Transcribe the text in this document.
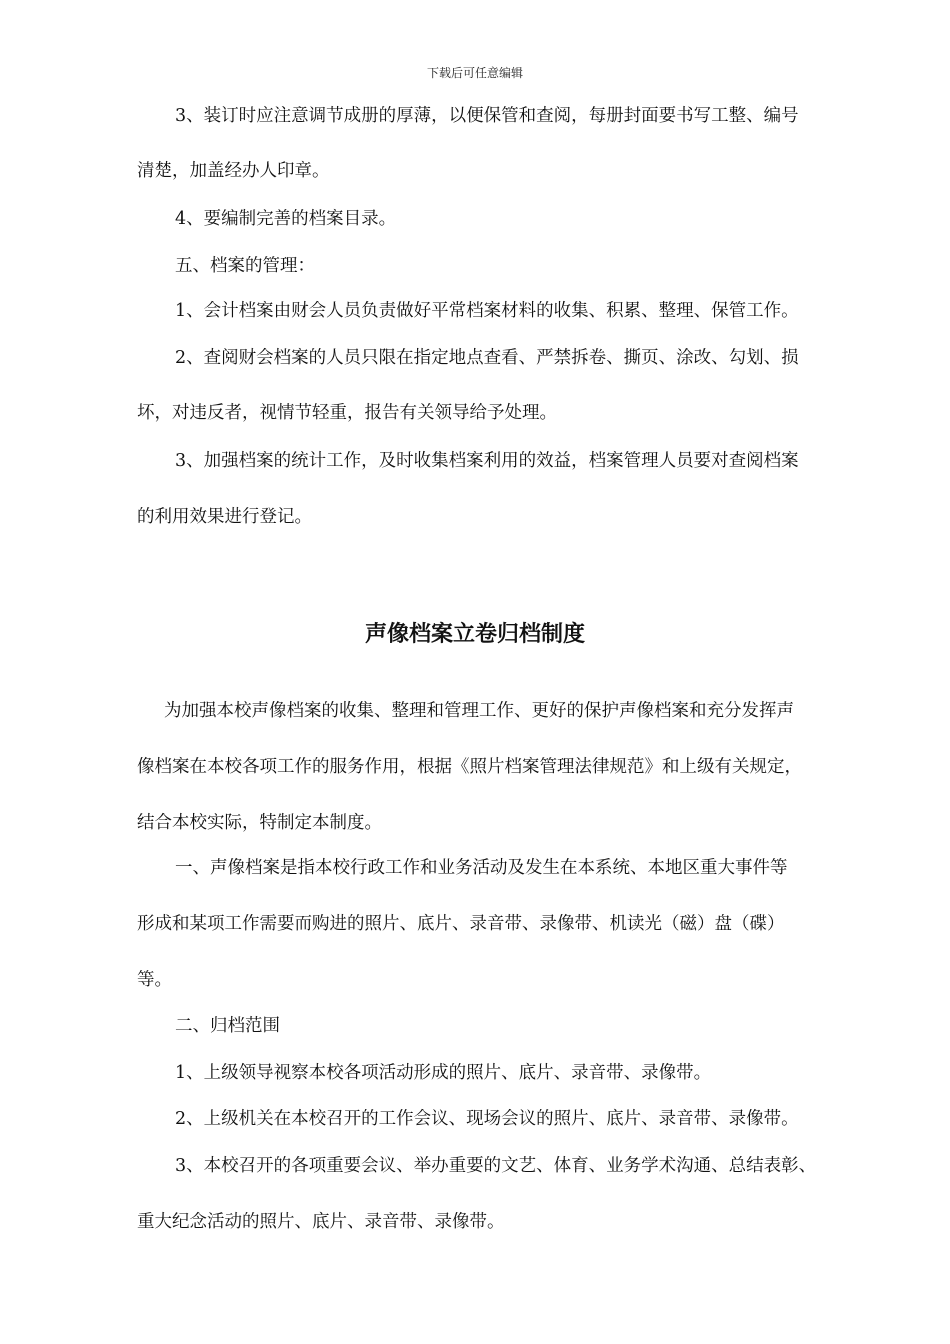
下载后可任意编辑
3、装订时应注意调节成册的厚薄，以便保管和查阅，每册封面要书写工整、编号
清楚，加盖经办人印章。
4、要编制完善的档案目录。
五、档案的管理：
1、会计档案由财会人员负责做好平常档案材料的收集、积累、整理、保管工作。
2、查阅财会档案的人员只限在指定地点查看、严禁拆卷、撕页、涂改、勾划、损
坏，对违反者，视情节轻重，报告有关领导给予处理。
3、加强档案的统计工作，及时收集档案利用的效益，档案管理人员要对查阅档案
的利用效果进行登记。
声像档案立卷归档制度
为加强本校声像档案的收集、整理和管理工作、更好的保护声像档案和充分发挥声
像档案在本校各项工作的服务作用，根据《照片档案管理法律规范》和上级有关规定，
结合本校实际，特制定本制度。
一、声像档案是指本校行政工作和业务活动及发生在本系统、本地区重大事件等
形成和某项工作需要而购进的照片、底片、录音带、录像带、机读光（磁）盘（碟）
等。
二、归档范围
1、上级领导视察本校各项活动形成的照片、底片、录音带、录像带。
2、上级机关在本校召开的工作会议、现场会议的照片、底片、录音带、录像带。
3、本校召开的各项重要会议、举办重要的文艺、体育、业务学术沟通、总结表彰、
重大纪念活动的照片、底片、录音带、录像带。
